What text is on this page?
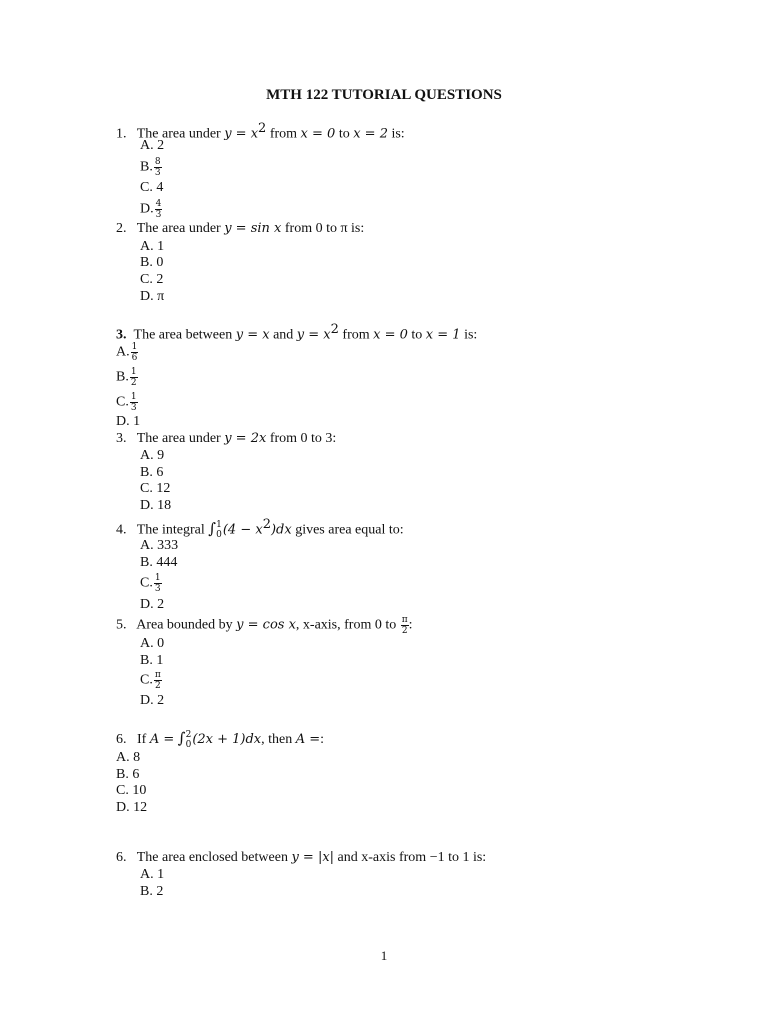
MTH 122 TUTORIAL QUESTIONS
1. The area under $y = x^2$ from x = 0 to x = 2 is:
A. 2
B. $\frac{8}{3}$
C. 4
D. $\frac{4}{3}$
2. The area under y = sin x from 0 to π is:
A. 1
B. 0
C. 2
D. π
3. The area between y = x and $y = x^2$ from x = 0 to x = 1 is:
A. $\frac{1}{6}$
B. $\frac{1}{2}$
C. $\frac{1}{3}$
D. 1
3. The area under y = 2x from 0 to 3:
A. 9
B. 6
C. 12
D. 18
4. The integral ∫ 1
0 $(4 - x^2)dx$ gives area equal to:
A. 333
B. 444
C. $\frac{1}{3}$
D. 2
5. Area bounded by y = cos x, x-axis, from 0 to $\frac{\pi}{2}$ :
A. 0
B. 1
C. $\frac{\pi}{2}$
D. 2
6. If A = ∫ 2
0 (2x + 1)dx, then A =:
A. 8
B. 6
C. 10
D. 12
6. The area enclosed between y = |x| and x-axis from −1 to 1 is:
A. 1
B. 2
1
